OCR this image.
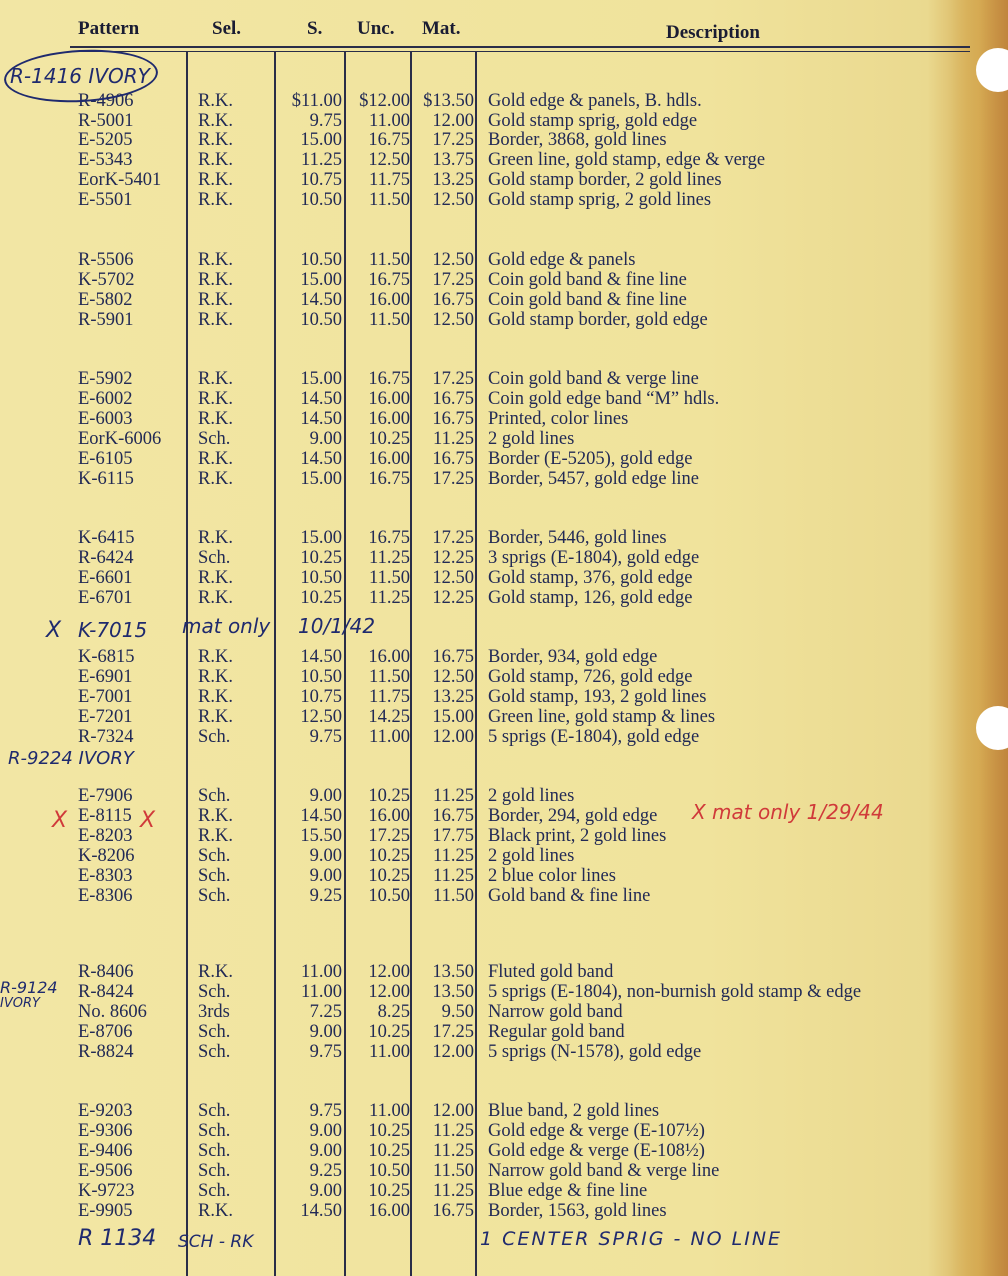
Pattern	Sel.	S. Unc. Mat.	Description
R-4906	R.K.	$11.00 $12.00 $13.50 Gold edge & panels, B. hdls.
R-5001	R.K.	9.75 11.00 12.00 Gold stamp sprig, gold edge
E-5205	R.K.	15.00 16.75 17.25 Border, 3868, gold lines
E-5343	R.K.	11.25 12.50 13.75 Green line, gold stamp, edge & verge
EorK-5401 R.K.	10.75 11.75 13.25 Gold stamp border, 2 gold lines
E-5501	R.K.	10.50 11.50 12.50 Gold stamp sprig, 2 gold lines
R-5506	R.K.	10.50 11.50 12.50 Gold edge & panels
K-5702	R.K.	15.00 16.75 17.25 Coin gold band & fine line
E-5802	R.K.	14.50 16.00 16.75 Coin gold band & fine line
R-5901	R.K.	10.50 11.50 12.50 Gold stamp border, gold edge
E-5902	R.K.	15.00 16.75 17.25 Coin gold band & verge line
E-6002	R.K.	14.50 16.00 16.75 Coin gold edge band “M” hdls.
E-6003	R.K.	14.50 16.00 16.75 Printed, color lines
EorK-6006 Sch.	9.00 10.25 11.25 2 gold lines
E-6105	R.K.	14.50 16.00 16.75 Border (E-5205), gold edge
K-6115	R.K.	15.00 16.75 17.25 Border, 5457, gold edge line
K-6415	R.K.	15.00 16.75 17.25 Border, 5446, gold lines
R-6424	Sch.	10.25 11.25 12.25 3 sprigs (E-1804), gold edge
E-6601	R.K.	10.50 11.50 12.50 Gold stamp, 376, gold edge
E-6701	R.K.	10.25 11.25 12.25 Gold stamp, 126, gold edge
K-6815	R.K.	14.50 16.00 16.75 Border, 934, gold edge
E-6901	R.K.	10.50 11.50 12.50 Gold stamp, 726, gold edge
E-7001	R.K.	10.75 11.75 13.25 Gold stamp, 193, 2 gold lines
E-7201	R.K.	12.50 14.25 15.00 Green line, gold stamp & lines
R-7324	Sch.	9.75 11.00 12.00 5 sprigs (E-1804), gold edge
E-7906	Sch.	9.00 10.25 11.25 2 gold lines
E-8115	R.K.	14.50 16.00 16.75 Border, 294, gold edge
E-8203	R.K.	15.50 17.25 17.75 Black print, 2 gold lines
K-8206	Sch.	9.00 10.25 11.25 2 gold lines
E-8303	Sch.	9.00 10.25 11.25 2 blue color lines
E-8306	Sch.	9.25 10.50 11.50 Gold band & fine line
R-8406	R.K.	11.00 12.00 13.50 Fluted gold band
R-8424	Sch.	11.00 12.00 13.50 5 sprigs (E-1804), non-burnish gold stamp & edge
No. 8606	3rds	7.25 8.25 9.50 Narrow gold band
E-8706	Sch.	9.00 10.25 17.25 Regular gold band
R-8824	Sch.	9.75 11.00 12.00 5 sprigs (N-1578), gold edge
E-9203	Sch.	9.75 11.00 12.00 Blue band, 2 gold lines
E-9306	Sch.	9.00 10.25 11.25 Gold edge & verge (E-107½)
E-9406	Sch.	9.00 10.25 11.25 Gold edge & verge (E-108½)
E-9506	Sch.	9.25 10.50 11.50 Narrow gold band & verge line
K-9723	Sch.	9.00 10.25 11.25 Blue edge & fine line
E-9905	R.K.	14.50 16.00 16.75 Border, 1563, gold lines
R-1416 IVORY
X K-7015 mat only 10/1/42
R-9224 IVORY
X	X	X mat only 1/29/44
R-9124
IVORY
R 1134 SCH - RK	1 CENTER SPRIG - NO LINE
